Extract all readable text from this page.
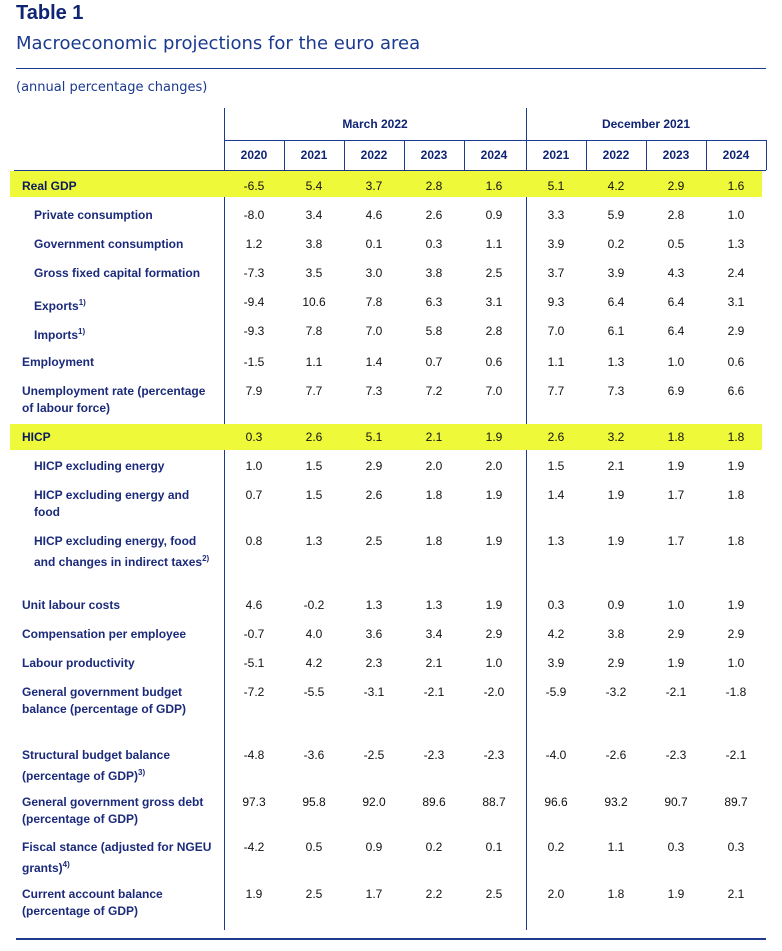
Table 1
Macroeconomic projections for the euro area
(annual percentage changes)
March 2022	December 2021
2020	2021	2022	2023	2024	2021	2022	2023	2024
Real GDP	-6.5	5.4	3.7	2.8	1.6	5.1	4.2	2.9	1.6
Private consumption	-8.0	3.4	4.6	2.6	0.9	3.3	5.9	2.8	1.0
Government consumption	1.2	3.8	0.1	0.3	1.1	3.9	0.2	0.5	1.3
Gross fixed capital formation	-7.3	3.5	3.0	3.8	2.5	3.7	3.9	4.3	2.4
Exports$^{1)}$	-9.4	10.6	7.8	6.3	3.1	9.3	6.4	6.4	3.1
Imports$^{1)}$	-9.3	7.8	7.0	5.8	2.8	7.0	6.1	6.4	2.9
Employment	-1.5	1.1	1.4	0.7	0.6	1.1	1.3	1.0	0.6
Unemployment rate (percentage of labour force)
7.9	7.7	7.3	7.2	7.0	7.7	7.3	6.9	6.6
HICP	0.3	2.6	5.1	2.1	1.9	2.6	3.2	1.8	1.8
HICP excluding energy	1.0	1.5	2.9	2.0	2.0	1.5	2.1	1.9	1.9
HICP excluding energy and food
0.7	1.5	2.6	1.8	1.9	1.4	1.9	1.7	1.8
HICP excluding energy, food and changes in indirect taxes$^{2)}$
0.8	1.3	2.5	1.8	1.9	1.3	1.9	1.7	1.8
Unit labour costs	4.6	-0.2	1.3	1.3	1.9	0.3	0.9	1.0	1.9
Compensation per employee	-0.7	4.0	3.6	3.4	2.9	4.2	3.8	2.9	2.9
Labour productivity	-5.1	4.2	2.3	2.1	1.0	3.9	2.9	1.9	1.0
General government budget balance (percentage of GDP)
-7.2	-5.5	-3.1	-2.1	-2.0	-5.9	-3.2	-2.1	-1.8
Structural budget balance (percentage of GDP)$^{3)}$
-4.8	-3.6	-2.5	-2.3	-2.3	-4.0	-2.6	-2.3	-2.1
General government gross debt (percentage of GDP)
97.3	95.8	92.0	89.6	88.7	96.6	93.2	90.7	89.7
Fiscal stance (adjusted for NGEU grants)$^{4)}$
-4.2	0.5	0.9	0.2	0.1	0.2	1.1	0.3	0.3
Current account balance (percentage of GDP)
1.9	2.5	1.7	2.2	2.5	2.0	1.8	1.9	2.1
